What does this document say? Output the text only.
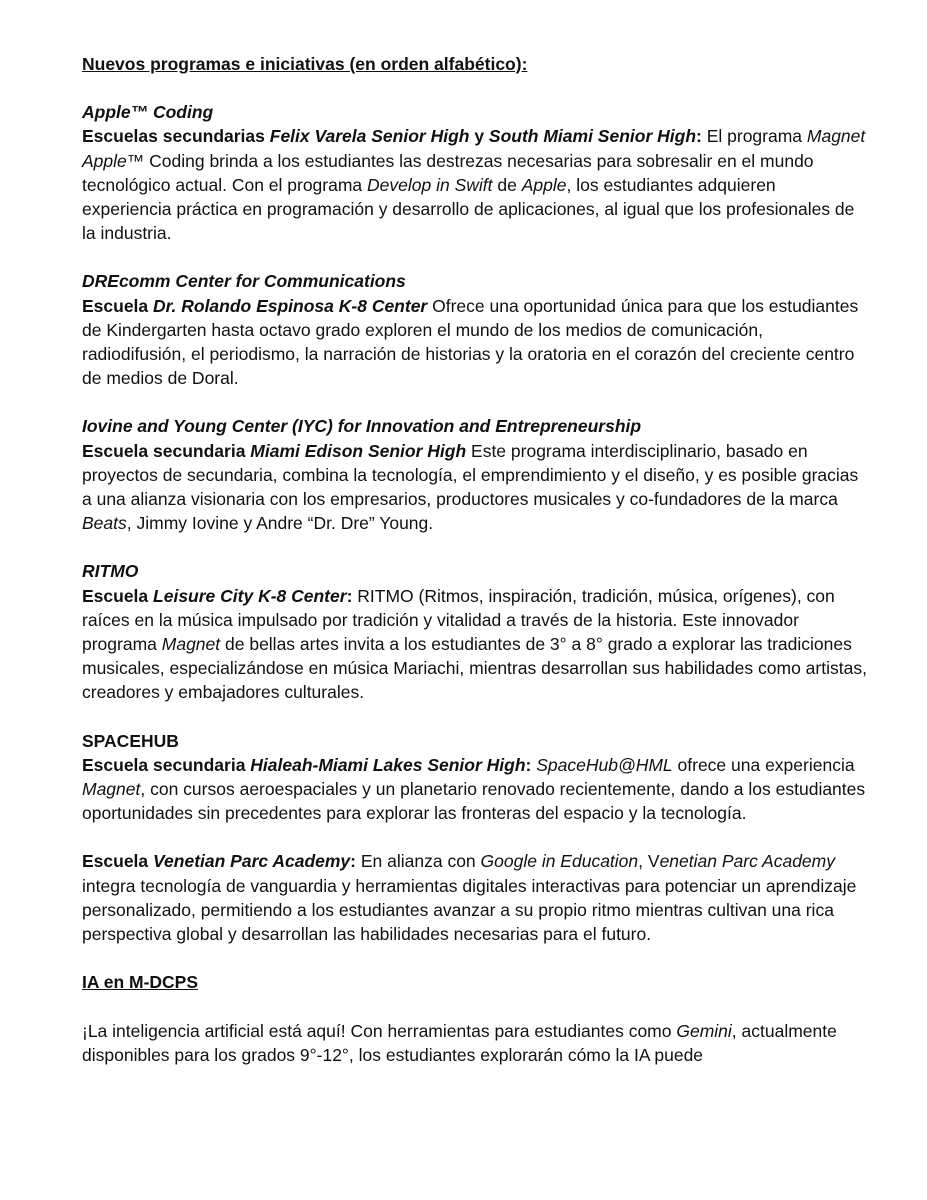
Nuevos programas e iniciativas (en orden alfabético):
Apple™ Coding

Escuelas secundarias Felix Varela Senior High y South Miami Senior High: El programa Magnet Apple™ Coding brinda a los estudiantes las destrezas necesarias para sobresalir en el mundo tecnológico actual. Con el programa Develop in Swift de Apple, los estudiantes adquieren experiencia práctica en programación y desarrollo de aplicaciones, al igual que los profesionales de la industria.

DREcomm Center for Communications

Escuela Dr. Rolando Espinosa K-8 Center Ofrece una oportunidad única para que los estudiantes de Kindergarten hasta octavo grado exploren el mundo de los medios de comunicación, radiodifusión, el periodismo, la narración de historias y la oratoria en el corazón del creciente centro de medios de Doral.

Iovine and Young Center (IYC) for Innovation and Entrepreneurship

Escuela secundaria Miami Edison Senior High Este programa interdisciplinario, basado en proyectos de secundaria, combina la tecnología, el emprendimiento y el diseño, y es posible gracias a una alianza visionaria con los empresarios, productores musicales y co-fundadores de la marca Beats, Jimmy Iovine y Andre “Dr. Dre” Young.

RITMO

Escuela Leisure City K-8 Center: RITMO (Ritmos, inspiración, tradición, música, orígenes), con raíces en la música impulsado por tradición y vitalidad a través de la historia. Este innovador programa Magnet de bellas artes invita a los estudiantes de 3° a 8° grado a explorar las tradiciones musicales, especializándose en música Mariachi, mientras desarrollan sus habilidades como artistas, creadores y embajadores culturales.

SPACEHUB

Escuela secundaria Hialeah-Miami Lakes Senior High: SpaceHub@HML ofrece una experiencia Magnet, con cursos aeroespaciales y un planetario renovado recientemente, dando a los estudiantes oportunidades sin precedentes para explorar las fronteras del espacio y la tecnología.

Escuela Venetian Parc Academy: En alianza con Google in Education, Venetian Parc Academy integra tecnología de vanguardia y herramientas digitales interactivas para potenciar un aprendizaje personalizado, permitiendo a los estudiantes avanzar a su propio ritmo mientras cultivan una rica perspectiva global y desarrollan las habilidades necesarias para el futuro.

IA en M-DCPS

¡La inteligencia artificial está aquí! Con herramientas para estudiantes como Gemini, actualmente disponibles para los grados 9°-12°, los estudiantes explorarán cómo la IA puede
